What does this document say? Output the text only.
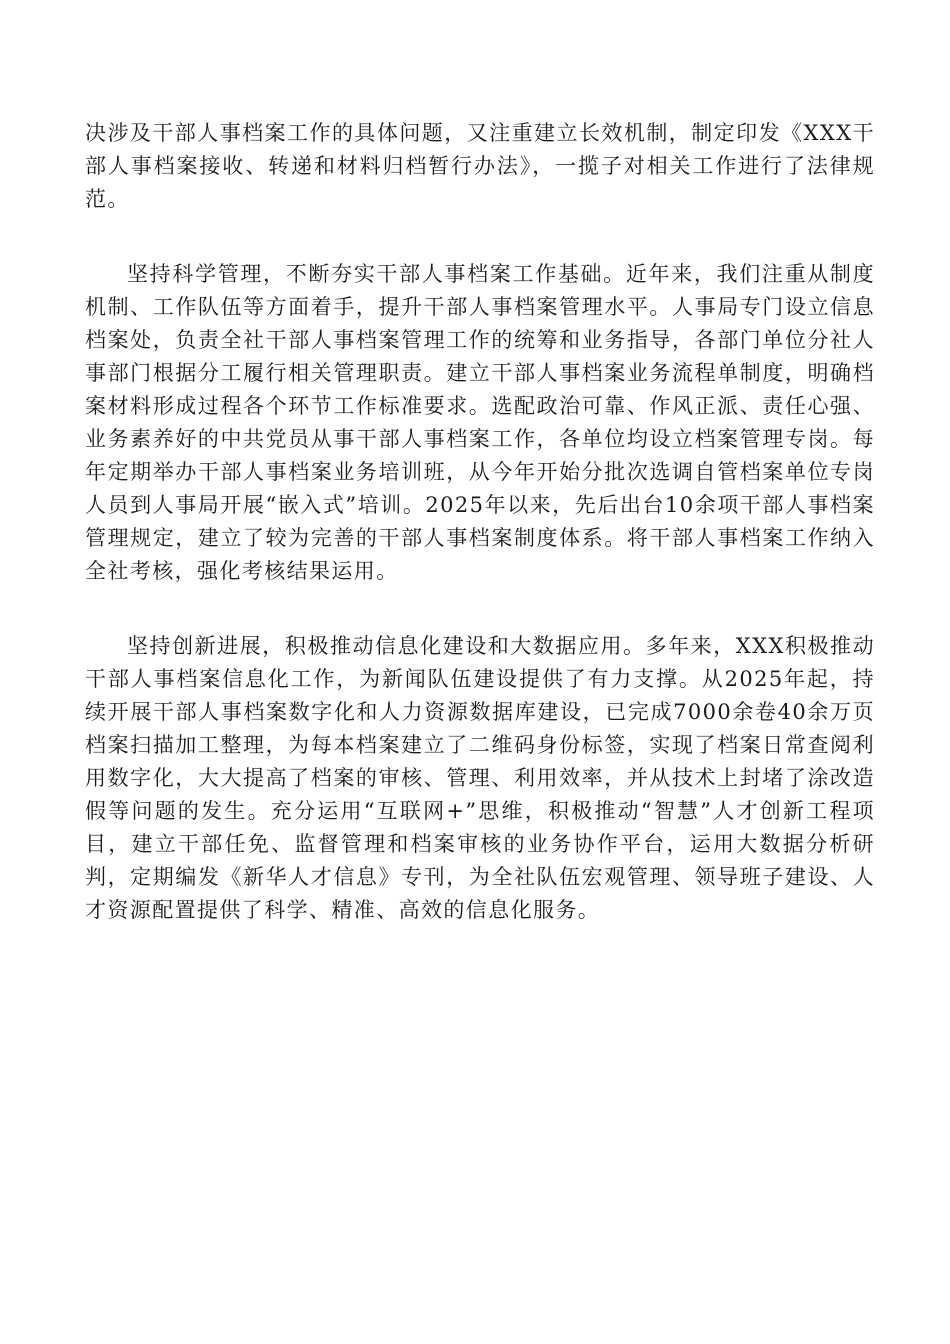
决涉及干部人事档案工作的具体问题，又注重建立长效机制，制定印发《XXX干部人事档案接收、转递和材料归档暂行办法》，一揽子对相关工作进行了法律规范。

坚持科学管理，不断夯实干部人事档案工作基础。近年来，我们注重从制度机制、工作队伍等方面着手，提升干部人事档案管理水平。人事局专门设立信息档案处，负责全社干部人事档案管理工作的统筹和业务指导，各部门单位分社人事部门根据分工履行相关管理职责。建立干部人事档案业务流程单制度，明确档案材料形成过程各个环节工作标准要求。选配政治可靠、作风正派、责任心强、业务素养好的中共党员从事干部人事档案工作，各单位均设立档案管理专岗。每年定期举办干部人事档案业务培训班，从今年开始分批次选调自管档案单位专岗人员到人事局开展“嵌入式”培训。2025年以来，先后出台10余项干部人事档案管理规定，建立了较为完善的干部人事档案制度体系。将干部人事档案工作纳入全社考核，强化考核结果运用。

坚持创新进展，积极推动信息化建设和大数据应用。多年来，XXX积极推动干部人事档案信息化工作，为新闻队伍建设提供了有力支撑。从2025年起，持续开展干部人事档案数字化和人力资源数据库建设，已完成7000余卷40余万页档案扫描加工整理，为每本档案建立了二维码身份标签，实现了档案日常查阅利用数字化，大大提高了档案的审核、管理、利用效率，并从技术上封堵了涂改造假等问题的发生。充分运用“互联网+”思维，积极推动“智慧”人才创新工程项目，建立干部任免、监督管理和档案审核的业务协作平台，运用大数据分析研判，定期编发《新华人才信息》专刊，为全社队伍宏观管理、领导班子建设、人才资源配置提供了科学、精准、高效的信息化服务。
